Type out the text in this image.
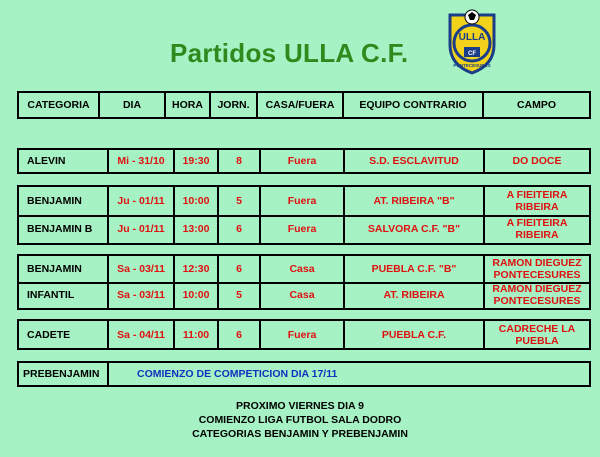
Partidos ULLA C.F.
ULLA
CF
PONTECESURES
CATEGORIA	DIA	HORA	JORN.	CASA/FUERA	EQUIPO CONTRARIO	CAMPO
ALEVIN	Mi - 31/10	19:30	8	Fuera	S.D. ESCLAVITUD	DO DOCE
BENJAMIN	Ju - 01/11	10:00	5	Fuera	AT. RIBEIRA "B"	A FIEITEIRA RIBEIRA
BENJAMIN B	Ju - 01/11	13:00	6	Fuera	SALVORA C.F. "B"	A FIEITEIRA RIBEIRA
BENJAMIN	Sa - 03/11	12:30	6	Casa	PUEBLA C.F. "B"	RAMON DIEGUEZ PONTECESURES
INFANTIL	Sa - 03/11	10:00	5	Casa	AT. RIBEIRA	RAMON DIEGUEZ PONTECESURES
CADETE	Sa - 04/11	11:00	6	Fuera	PUEBLA C.F.	CADRECHE LA PUEBLA
PREBENJAMIN	COMIENZO DE COMPETICION DIA 17/11
PROXIMO VIERNES DIA 9
COMIENZO LIGA FUTBOL SALA DODRO
CATEGORIAS BENJAMIN Y PREBENJAMIN
